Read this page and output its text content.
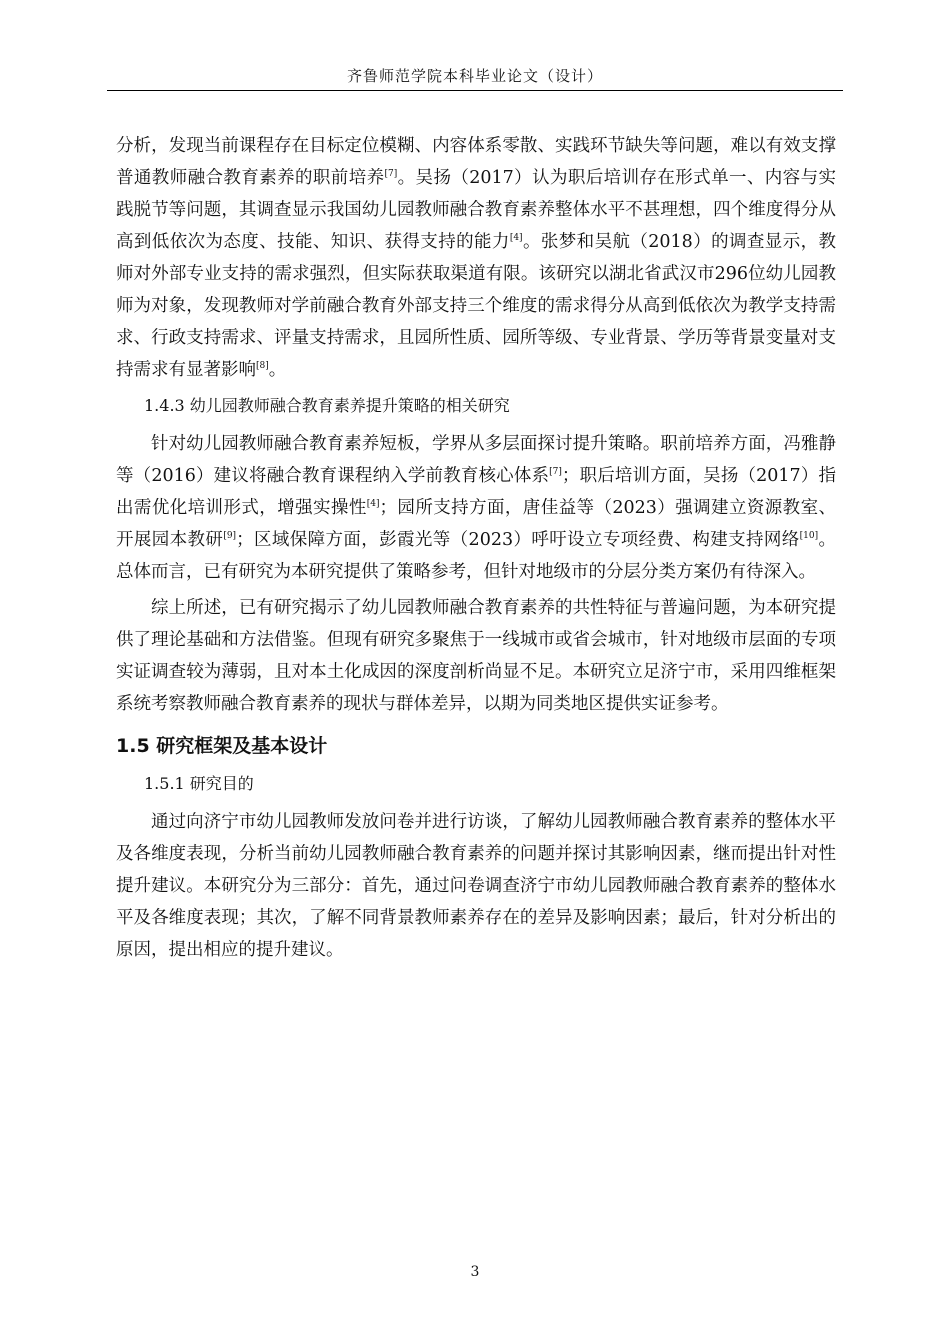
齐鲁师范学院本科毕业论文（设计）

分析，发现当前课程存在目标定位模糊、内容体系零散、实践环节缺失等问题，难以有效支撑普通教师融合教育素养的职前培养[7]。吴扬（2017）认为职后培训存在形式单一、内容与实践脱节等问题，其调查显示我国幼儿园教师融合教育素养整体水平不甚理想，四个维度得分从高到低依次为态度、技能、知识、获得支持的能力[4]。张梦和吴航（2018）的调查显示，教师对外部专业支持的需求强烈，但实际获取渠道有限。该研究以湖北省武汉市296位幼儿园教师为对象，发现教师对学前融合教育外部支持三个维度的需求得分从高到低依次为教学支持需求、行政支持需求、评量支持需求，且园所性质、园所等级、专业背景、学历等背景变量对支持需求有显著影响[8]。

1.4.3 幼儿园教师融合教育素养提升策略的相关研究

针对幼儿园教师融合教育素养短板，学界从多层面探讨提升策略。职前培养方面，冯雅静等（2016）建议将融合教育课程纳入学前教育核心体系[7]；职后培训方面，吴扬（2017）指出需优化培训形式，增强实操性[4]；园所支持方面，唐佳益等（2023）强调建立资源教室、开展园本教研[9]；区域保障方面，彭霞光等（2023）呼吁设立专项经费、构建支持网络[10]。总体而言，已有研究为本研究提供了策略参考，但针对地级市的分层分类方案仍有待深入。

综上所述，已有研究揭示了幼儿园教师融合教育素养的共性特征与普遍问题，为本研究提供了理论基础和方法借鉴。但现有研究多聚焦于一线城市或省会城市，针对地级市层面的专项实证调查较为薄弱，且对本土化成因的深度剖析尚显不足。本研究立足济宁市，采用四维框架系统考察教师融合教育素养的现状与群体差异，以期为同类地区提供实证参考。

1.5 研究框架及基本设计
1.5.1 研究目的

通过向济宁市幼儿园教师发放问卷并进行访谈，了解幼儿园教师融合教育素养的整体水平及各维度表现，分析当前幼儿园教师融合教育素养的问题并探讨其影响因素，继而提出针对性提升建议。本研究分为三部分：首先，通过问卷调查济宁市幼儿园教师融合教育素养的整体水平及各维度表现；其次，了解不同背景教师素养存在的差异及影响因素；最后，针对分析出的原因，提出相应的提升建议。

3
